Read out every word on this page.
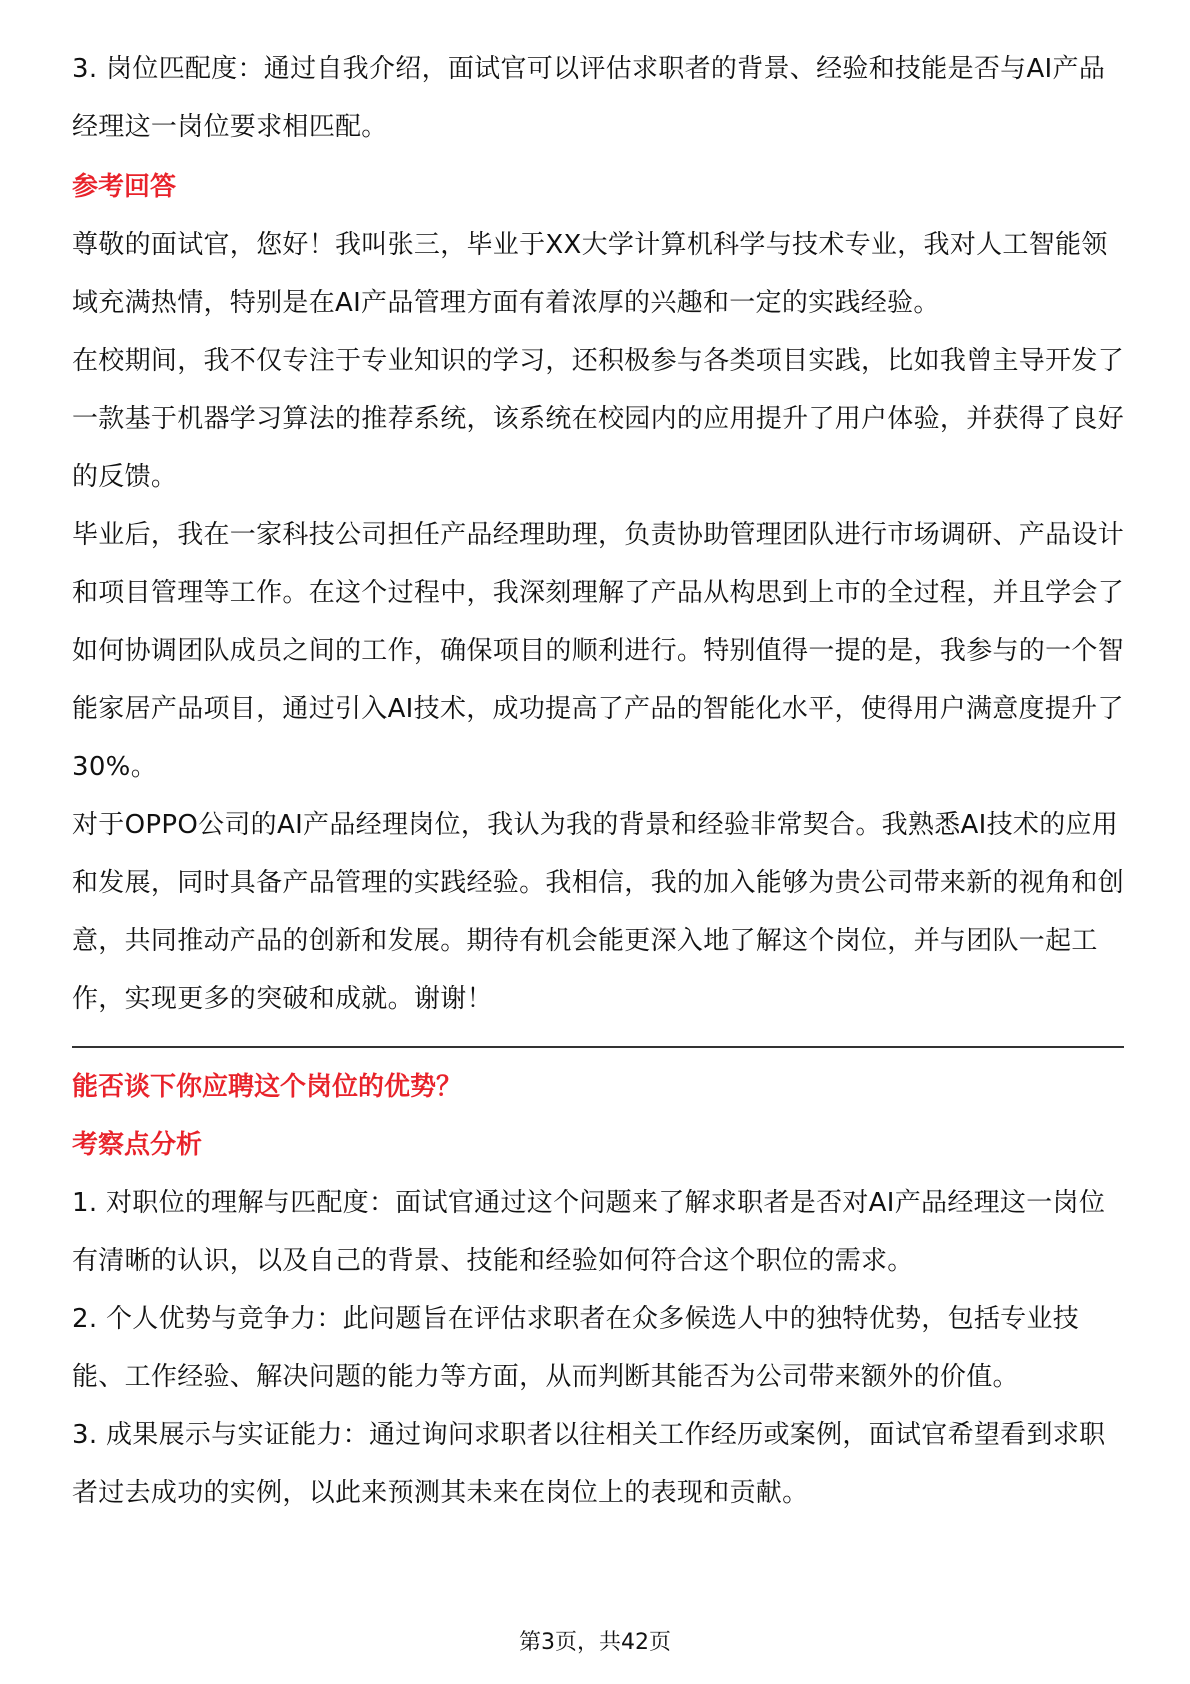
3. 岗位匹配度：通过自我介绍，面试官可以评估求职者的背景、经验和技能是否与AI产品经理这一岗位要求相匹配。

参考回答

尊敬的面试官，您好！我叫张三，毕业于XX大学计算机科学与技术专业，我对人工智能领域充满热情，特别是在AI产品管理方面有着浓厚的兴趣和一定的实践经验。

在校期间，我不仅专注于专业知识的学习，还积极参与各类项目实践，比如我曾主导开发了一款基于机器学习算法的推荐系统，该系统在校园内的应用提升了用户体验，并获得了良好的反馈。

毕业后，我在一家科技公司担任产品经理助理，负责协助管理团队进行市场调研、产品设计和项目管理等工作。在这个过程中，我深刻理解了产品从构思到上市的全过程，并且学会了如何协调团队成员之间的工作，确保项目的顺利进行。特别值得一提的是，我参与的一个智能家居产品项目，通过引入AI技术，成功提高了产品的智能化水平，使得用户满意度提升了30%。

对于OPPO公司的AI产品经理岗位，我认为我的背景和经验非常契合。我熟悉AI技术的应用和发展，同时具备产品管理的实践经验。我相信，我的加入能够为贵公司带来新的视角和创意，共同推动产品的创新和发展。期待有机会能更深入地了解这个岗位，并与团队一起工作，实现更多的突破和成就。谢谢！

能否谈下你应聘这个岗位的优势？

考察点分析

1. 对职位的理解与匹配度：面试官通过这个问题来了解求职者是否对AI产品经理这一岗位有清晰的认识，以及自己的背景、技能和经验如何符合这个职位的需求。

2. 个人优势与竞争力：此问题旨在评估求职者在众多候选人中的独特优势，包括专业技能、工作经验、解决问题的能力等方面，从而判断其能否为公司带来额外的价值。

3. 成果展示与实证能力：通过询问求职者以往相关工作经历或案例，面试官希望看到求职者过去成功的实例，以此来预测其未来在岗位上的表现和贡献。

第3页，共42页
